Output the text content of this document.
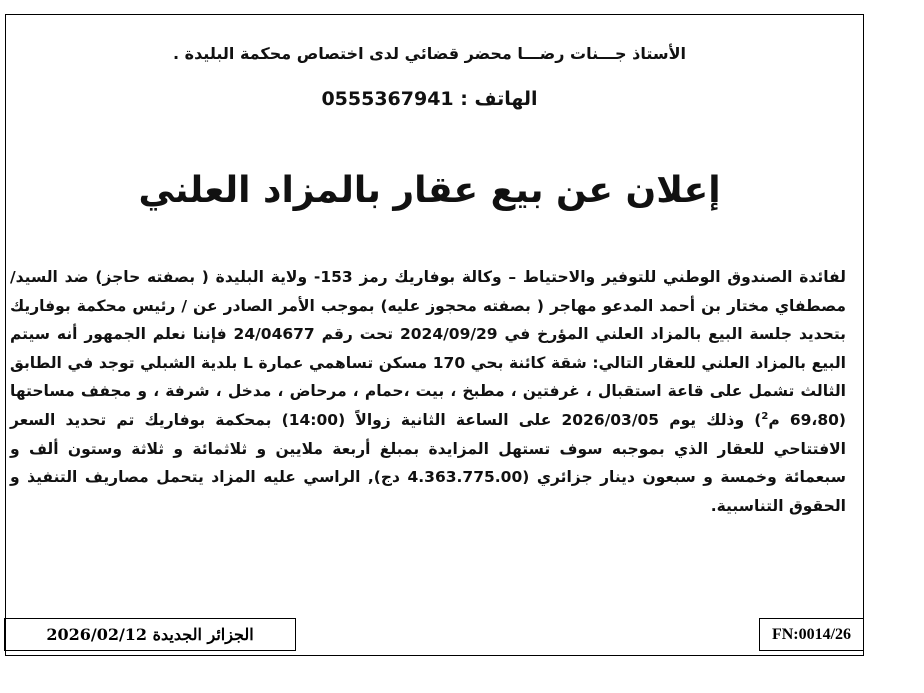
الأستاذ جـــنات رضـــا محضر قضائي لدى اختصاص محكمة البليدة .
الهاتف : 0555367941
إعلان عن بيع عقار بالمزاد العلني

لفائدة الصندوق الوطني للتوفير والاحتياط – وكالة بوفاريك رمز 153- ولاية البليدة ( بصفته حاجز) ضد السيد/ مصطفاي مختار بن أحمد المدعو مهاجر ( بصفته محجوز عليه) بموجب الأمر الصادر عن / رئيس محكمة بوفاريك بتحديد جلسة البيع بالمزاد العلني المؤرخ في 2024/09/29 تحت رقم 24/04677 فإننا نعلم الجمهور أنه سيتم البيع بالمزاد العلني للعقار التالي: شقة كائنة بحي 170 مسكن تساهمي عمارة L بلدية الشبلي توجد في الطابق الثالث تشمل على قاعة استقبال ، غرفتين ، مطبخ ، بيت ،حمام ، مرحاض ، مدخل ، شرفة ، و مجفف مساحتها (69،80 م$^2$) وذلك يوم 2026/03/05 على الساعة الثانية زوالاً (14:00) بمحكمة بوفاريك تم تحديد السعر الافتتاحي للعقار الذي بموجبه سوف تستهل المزايدة بمبلغ أربعة ملايين و ثلاثمائة و ثلاثة وستون ألف و سبعمائة وخمسة و سبعون دينار جزائري (4.363.775.00 دج), الراسي عليه المزاد يتحمل مصاريف التنفيذ و الحقوق التناسبية.

الجزائر الجديدة 2026/02/12	FN:0014/26
